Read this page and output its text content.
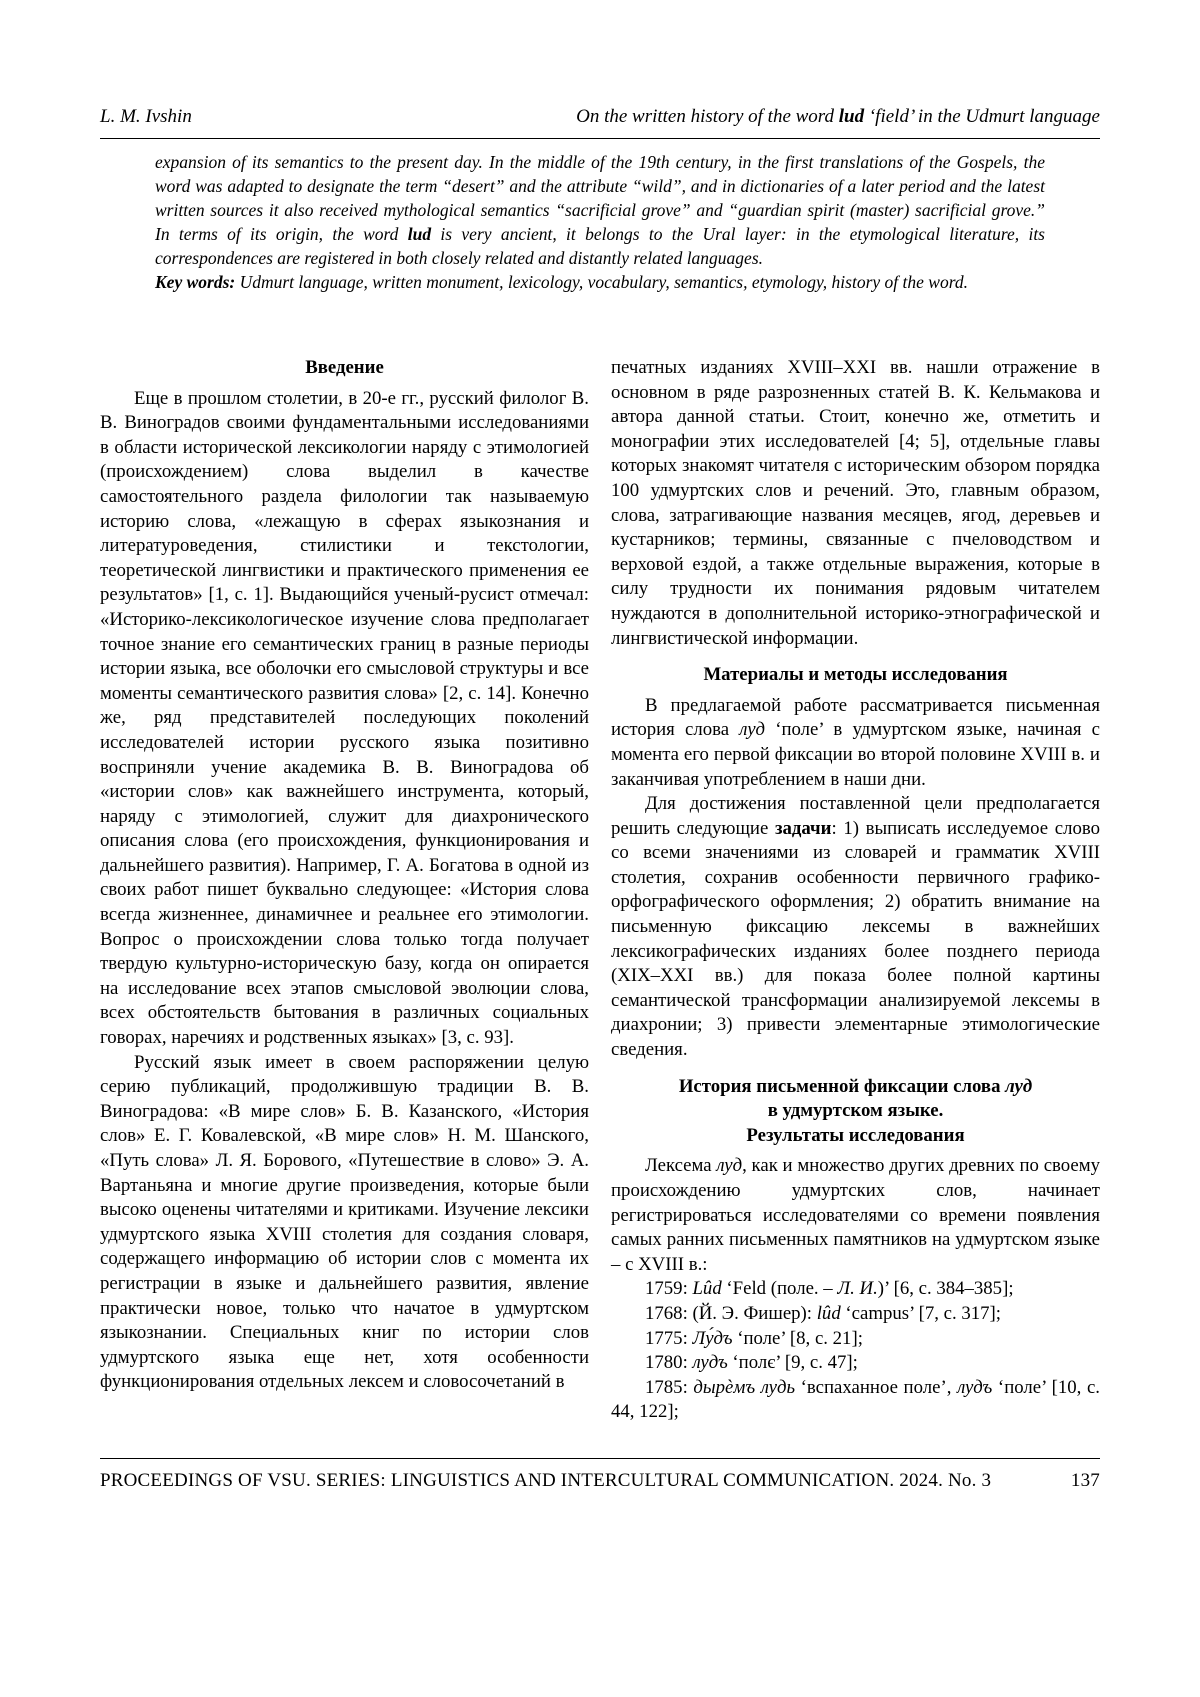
L. M. Ivshin	On the written history of the word lud ‘field’ in the Udmurt language

expansion of its semantics to the present day. In the middle of the 19th century, in the first translations of the Gospels, the word was adapted to designate the term “desert” and the attribute “wild”, and in dictionaries of a later period and the latest written sources it also received mythological semantics “sacrificial grove” and “guardian spirit (master) sacrificial grove.” In terms of its origin, the word lud is very ancient, it belongs to the Ural layer: in the etymological literature, its correspondences are registered in both closely related and distantly related languages.

Key words: Udmurt language, written monument, lexicology, vocabulary, semantics, etymology, history of the word.

Введение

Еще в прошлом столетии, в 20-е гг., русский филолог В. В. Виноградов своими фундаментальными исследованиями в области исторической лексикологии наряду с этимологией (происхождением) слова выделил в качестве самостоятельного раздела филологии так называемую историю слова, «лежащую в сферах языкознания и литературоведения, стилистики и текстологии, теоретической лингвистики и практического применения ее результатов» [1, с. 1]. Выдающийся ученый-русист отмечал: «Историко-лексикологическое изучение слова предполагает точное знание его семантических границ в разные периоды истории языка, все оболочки его смысловой структуры и все моменты семантического развития слова» [2, с. 14]. Конечно же, ряд представителей последующих поколений исследователей истории русского языка позитивно восприняли учение академика В. В. Виноградова об «истории слов» как важнейшего инструмента, который, наряду с этимологией, служит для диахронического описания слова (его происхождения, функционирования и дальнейшего развития). Например, Г. А. Богатова в одной из своих работ пишет буквально следующее: «История слова всегда жизненнее, динамичнее и реальнее его этимологии. Вопрос о происхождении слова только тогда получает твердую культурно-историческую базу, когда он опирается на исследование всех этапов смысловой эволюции слова, всех обстоятельств бытования в различных социальных говорах, наречиях и родственных языках» [3, с. 93].

Русский язык имеет в своем распоряжении целую серию публикаций, продолжившую традиции В. В. Виноградова: «В мире слов» Б. В. Казанского, «История слов» Е. Г. Ковалевской, «В мире слов» Н. М. Шанского, «Путь слова» Л. Я. Борового, «Путешествие в слово» Э. А. Вартаньяна и многие другие произведения, которые были высоко оценены читателями и критиками. Изучение лексики удмуртского языка XVIII столетия для создания словаря, содержащего информацию об истории слов с момента их регистрации в языке и дальнейшего развития, явление практически новое, только что начатое в удмуртском языкознании. Специальных книг по истории слов удмуртского языка еще нет, хотя особенности функционирования отдельных лексем и словосочетаний в

печатных изданиях XVIII–XXI вв. нашли отражение в основном в ряде разрозненных статей В. К. Кельмакова и автора данной статьи. Стоит, конечно же, отметить и монографии этих исследователей [4; 5], отдельные главы которых знакомят читателя с историческим обзором порядка 100 удмуртских слов и речений. Это, главным образом, слова, затрагивающие названия месяцев, ягод, деревьев и кустарников; термины, связанные с пчеловодством и верховой ездой, а также отдельные выражения, которые в силу трудности их понимания рядовым читателем нуждаются в дополнительной историко-этнографической и лингвистической информации.

Материалы и методы исследования

В предлагаемой работе рассматривается письменная история слова луд ‘поле’ в удмуртском языке, начиная с момента его первой фиксации во второй половине XVIII в. и заканчивая употреблением в наши дни.

Для достижения поставленной цели предполагается решить следующие задачи: 1) выписать исследуемое слово со всеми значениями из словарей и грамматик XVIII столетия, сохранив особенности первичного графико-орфографического оформления; 2) обратить внимание на письменную фиксацию лексемы в важнейших лексикографических изданиях более позднего периода (XIX–XXI вв.) для показа более полной картины семантической трансформации анализируемой лексемы в диахронии; 3) привести элементарные этимологические сведения.

История письменной фиксации слова луд
в удмуртском языке.
Результаты исследования

Лексема луд, как и множество других древних по своему происхождению удмуртских слов, начинает регистрироваться исследователями со времени появления самых ранних письменных памятников на удмуртском языке – с XVIII в.:

1759: Lûd ‘Feld (поле. – Л. И.)’ [6, с. 384–385];

1768: (Й. Э. Фишер): lûd ‘campus’ [7, с. 317];

1775: Лу́дъ ‘поле’ [8, с. 21];

1780: лудъ ‘полє’ [9, с. 47];

1785: дырѐмъ лудь ‘вспаханное поле’, лудъ ‘поле’ [10, с. 44, 122];

PROCEEDINGS OF VSU. SERIES: LINGUISTICS AND INTERCULTURAL COMMUNICATION. 2024. No. 3	137
